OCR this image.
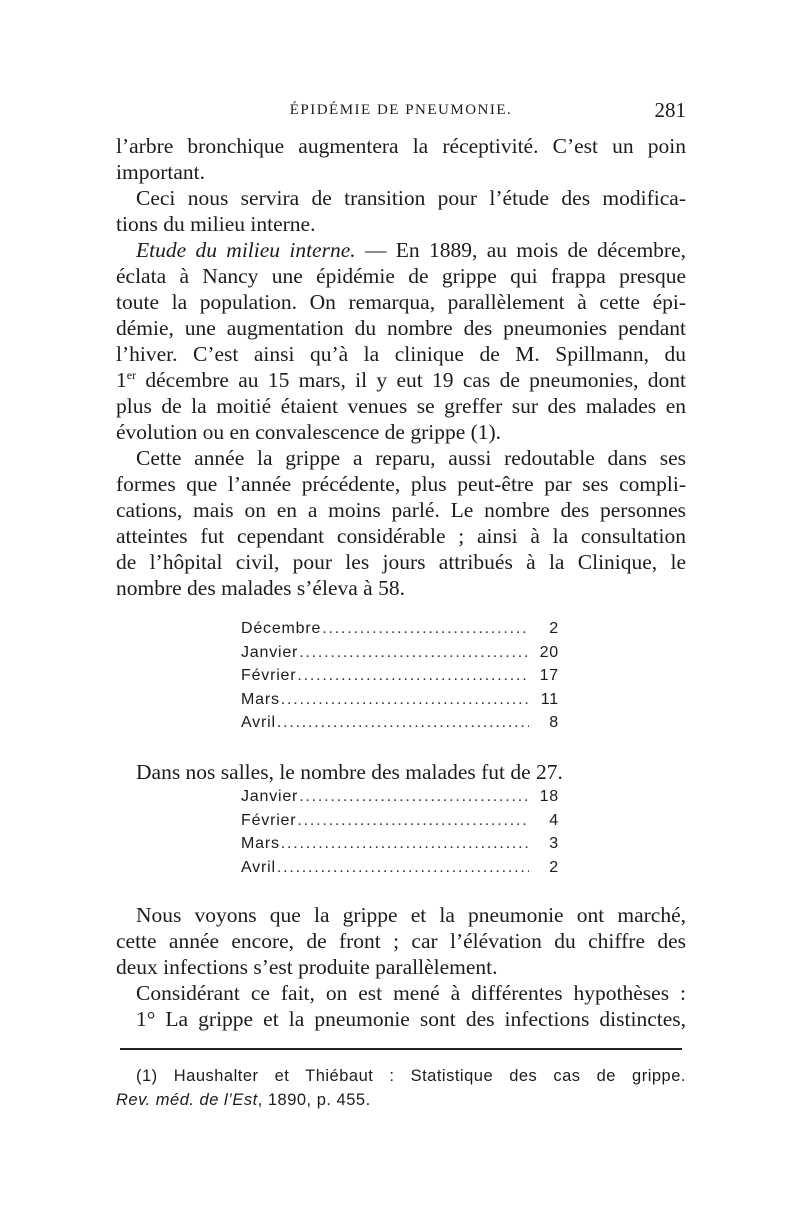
ÉPIDÉMIE DE PNEUMONIE.	281
l’arbre bronchique augmentera la réceptivité. C’est un poin
important.
Ceci nous servira de transition pour l’étude des modifica-
tions du milieu interne.
Etude du milieu interne. — En 1889, au mois de décembre,
éclata à Nancy une épidémie de grippe qui frappa presque
toute la population. On remarqua, parallèlement à cette épi-
démie, une augmentation du nombre des pneumonies pendant
l’hiver. C’est ainsi qu’à la clinique de M. Spillmann, du
1er décembre au 15 mars, il y eut 19 cas de pneumonies, dont
plus de la moitié étaient venues se greffer sur des malades en
évolution ou en convalescence de grippe (1).
Cette année la grippe a reparu, aussi redoutable dans ses
formes que l’année précédente, plus peut-être par ses compli-
cations, mais on en a moins parlé. Le nombre des personnes
atteintes fut cependant considérable ; ainsi à la consultation
de l’hôpital civil, pour les jours attribués à la Clinique, le
nombre des malades s’éleva à 58.
Décembre .....	2
Janvier .....	20
Février .....	17
Mars .....	11
Avril .....	8
Dans nos salles, le nombre des malades fut de 27.
Janvier .....	18
Février .....	4
Mars .....	3
Avril .....	2
Nous voyons que la grippe et la pneumonie ont marché,
cette année encore, de front ; car l’élévation du chiffre des
deux infections s’est produite parallèlement.
Considérant ce fait, on est mené à différentes hypothèses :
1° La grippe et la pneumonie sont des infections distinctes,
(1) Haushalter et Thiébaut : Statistique des cas de grippe.
Rev. méd. de l’Est, 1890, p. 455.
